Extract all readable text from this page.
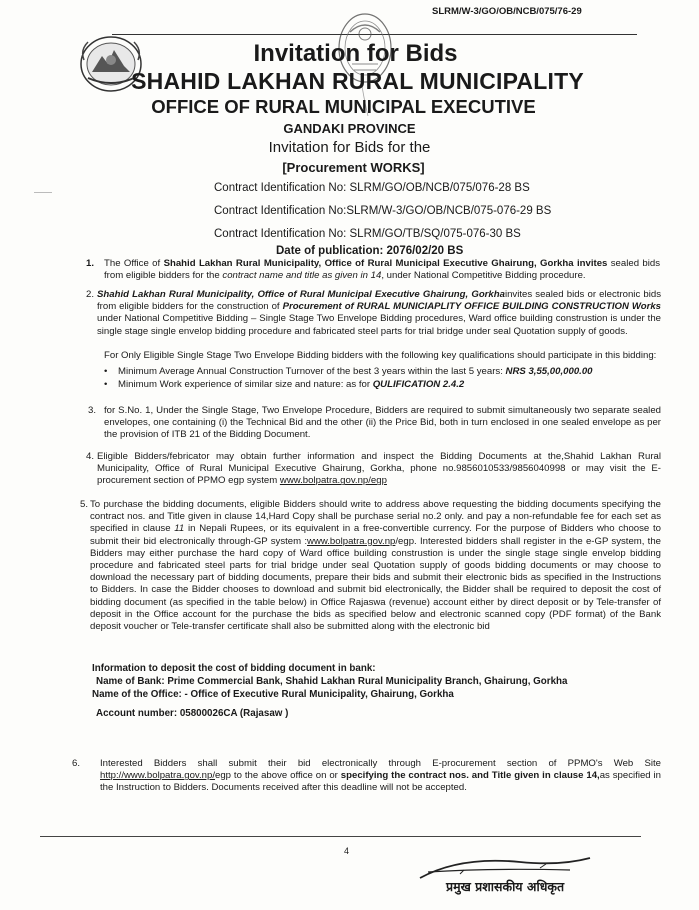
SLRM/W-3/GO/OB/NCB/075/76-29
Invitation for Bids
SHAHID LAKHAN RURAL MUNICIPALITY
OFFICE OF RURAL MUNICIPAL EXECUTIVE
GANDAKI PROVINCE
Invitation for Bids for the
[Procurement WORKS]
Contract Identification No: SLRM/GO/OB/NCB/075/076-28 BS
Contract Identification No:SLRM/W-3/GO/OB/NCB/075-076-29 BS
Contract Identification No: SLRM/GO/TB/SQ/075-076-30 BS
Date of publication: 2076/02/20 BS
1. The Office of Shahid Lakhan Rural Municipality, Office of Rural Municipal Executive Ghairung, Gorkha invites sealed bids from eligible bidders for the contract name and title as given in 14, under National Competitive Bidding procedure.
2. Shahid Lakhan Rural Municipality, Office of Rural Municipal Executive Ghairung, Gorkhainvites sealed bids or electronic bids from eligible bidders for the construction of Procurement of RURAL MUNICIAPLITY OFFICE BUILDING CONSTRUCTION Works under National Competitive Bidding – Single Stage Two Envelope Bidding procedures, Ward office building construstion is under the single stage single envelop bidding procedure and fabricated steel parts for trial bridge under seal Quotation supply of goods.
For Only Eligible Single Stage Two Envelope Bidding bidders with the following key qualifications should participate in this bidding:
• Minimum Average Annual Construction Turnover of the best 3 years within the last 5 years: NRS 3,55,00,000.00
• Minimum Work experience of similar size and nature: as for QULIFICATION 2.4.2
3. for S.No. 1, Under the Single Stage, Two Envelope Procedure, Bidders are required to submit simultaneously two separate sealed envelopes, one containing (i) the Technical Bid and the other (ii) the Price Bid, both in turn enclosed in one sealed envelope as per the provision of ITB 21 of the Bidding Document.
4. Eligible Bidders/febricator may obtain further information and inspect the Bidding Documents at the,Shahid Lakhan Rural Municipality, Office of Rural Municipal Executive Ghairung, Gorkha, phone no.9856010533/9856040998 or may visit the E-procurement section of PPMO egp system www.bolpatra.gov.np/egp
5. To purchase the bidding documents, eligible Bidders should write to address above requesting the bidding documents specifying the contract nos. and Title given in clause 14,Hard Copy shall be purchase serial no.2 only. and pay a non-refundable fee for each set as specified in clause 11 in Nepali Rupees, or its equivalent in a free-convertible currency. For the purpose of Bidders who choose to submit their bid electronically through-GP system :www.bolpatra.gov.np/egp. Interested bidders shall register in the e-GP system, the Bidders may either purchase the hard copy of Ward office building construstion is under the single stage single envelop bidding procedure and fabricated steel parts for trial bridge under seal Quotation supply of goods bidding documents or may choose to download the necessary part of bidding documents, prepare their bids and submit their electronic bids as specified in the Instructions to Bidders. In case the Bidder chooses to download and submit bid electronically, the Bidder shall be required to deposit the cost of bidding document (as specified in the table below) in Office Rajaswa (revenue) account either by direct deposit or by Tele-transfer of deposit in the Office account for the purchase the bids as specified below and electronic scanned copy (PDF format) of the Bank deposit voucher or Tele-transfer certificate shall also be submitted along with the electronic bid
Information to deposit the cost of bidding document in bank:
Name of Bank: Prime Commercial Bank, Shahid Lakhan Rural Municipality Branch, Ghairung, Gorkha
Name of the Office: - Office of Executive Rural Municipality, Ghairung, Gorkha
Account number: 05800026CA (Rajasaw )
6. Interested Bidders shall submit their bid electronically through E-procurement section of PPMO's Web Site http://www.bolpatra.gov.np/egp to the above office on or specifying the contract nos. and Title given in clause 14,as specified in the Instruction to Bidders. Documents received after this deadline will not be accepted.
4
प्रमुख प्रशासकीय अधिकृत
